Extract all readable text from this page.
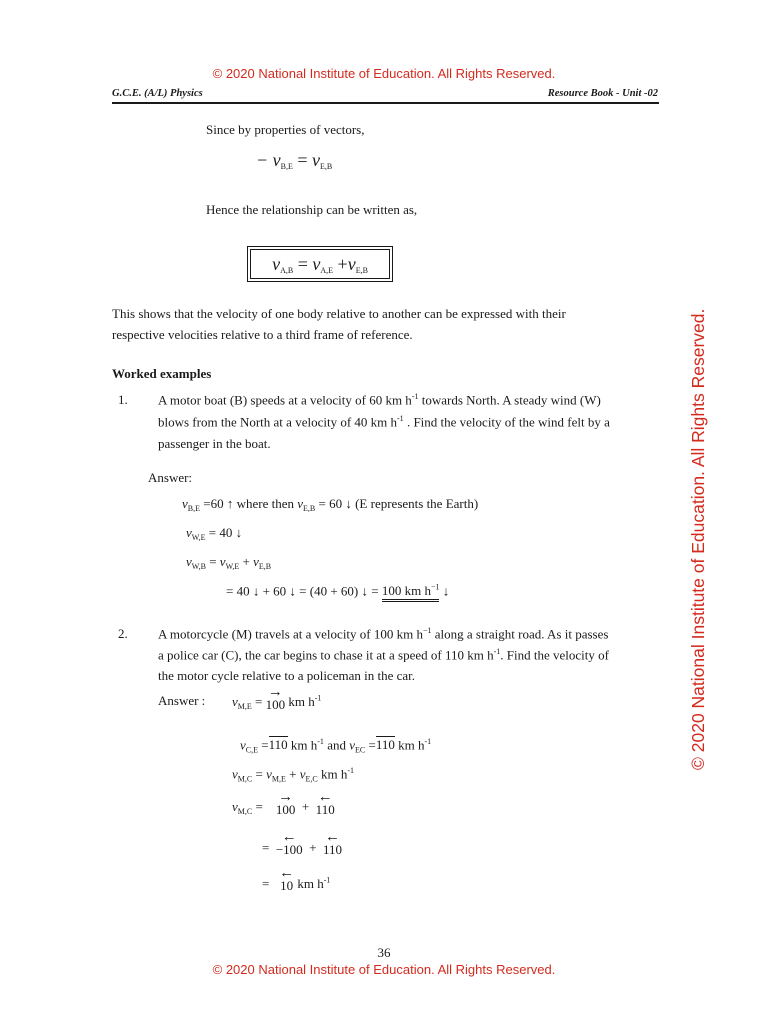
© 2020 National Institute of Education. All Rights Reserved.
G.C.E. (A/L) Physics	Resource Book - Unit -02
© 2020 National Institute of Education. All Rights Reserved.
Since by properties of vectors,
− $v_{B,E} = v_{E,B}$
Hence the relationship can be written as,
$v_{A,B} = v_{A,E} +v_{E,B}$
This shows that the velocity of one body relative to another can be expressed with their
respective velocities relative to a third frame of reference.
Worked examples
1. A motor boat (B) speeds at a velocity of 60 km $h^{-1}$ towards North. A steady wind (W)
blows from the North at a velocity of 40 km $h^{-1}$ . Find the velocity of the wind felt by a
passenger in the boat.
Answer:
$v_{B,E} =60$ ↑ where then $v_{E,B} = 60$ ↓ (E represents the Earth)
$v_{W,E} = 40$ ↓
$v_{W,B} = v_{W,E} + v_{E,B}$
= 40 ↓ + 60 ↓ = (40 + 60) ↓ = 100 km $h^{-1}$ ↓
2. A motorcycle (M) travels at a velocity of 100 km $h^{-1}$ along a straight road. As it passes
a police car (C), the car begins to chase it at a speed of 110 km $h^{-1}$. Find the velocity of
the motor cycle relative to a policeman in the car.
Answer : $v_{M,E}$ =
→
100 km $h^{-1}$
$v_{C,E} =110$ km $h^{-1}$ and $v_{EC} =110$ km $h^{-1}$
$v_{M,C} = v_{M,E} + v_{E,C}$ km $h^{-1}$
$v_{M,C}$ =
→
100 +
←
110
=
←
−100 +
←
110
=
←
10 km $h^{-1}$
36
© 2020 National Institute of Education. All Rights Reserved.
